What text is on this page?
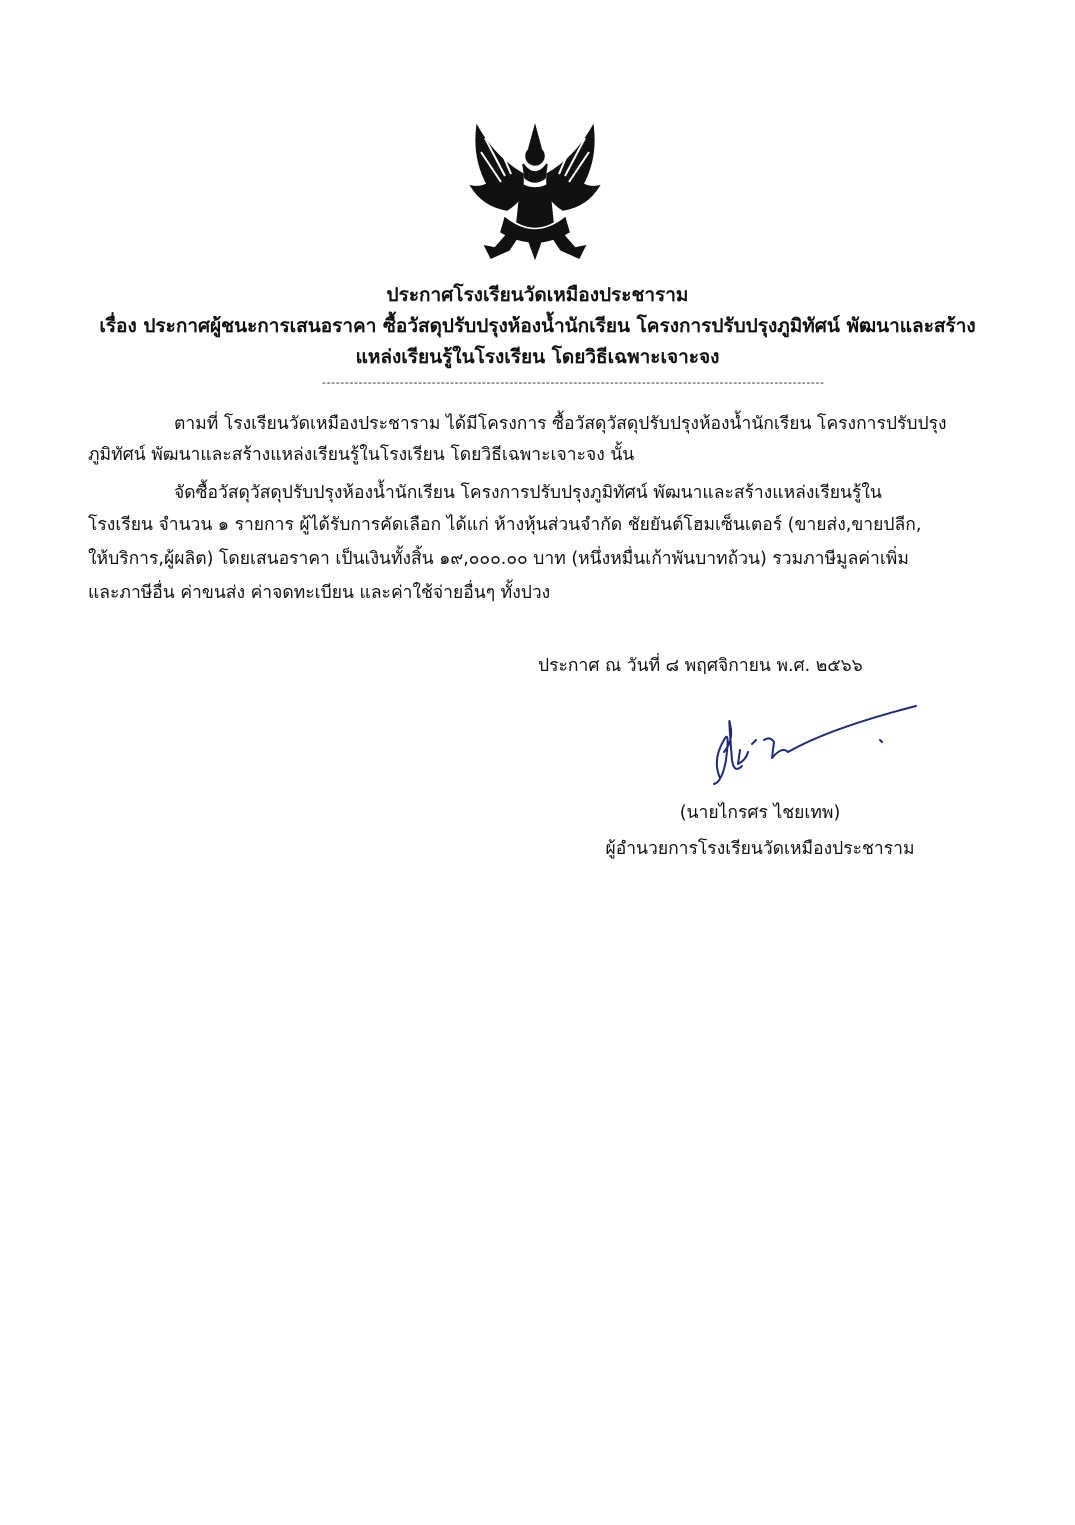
ประกาศโรงเรียนวัดเหมืองประชาราม
เรื่อง ประกาศผู้ชนะการเสนอราคา ซื้อวัสดุปรับปรุงห้องน้ำนักเรียน โครงการปรับปรุงภูมิทัศน์ พัฒนาและสร้าง
แหล่งเรียนรู้ในโรงเรียน โดยวิธีเฉพาะเจาะจง
--------------------------------------------------------------------------------------------------------------
ตามที่ โรงเรียนวัดเหมืองประชาราม ได้มีโครงการ ซื้อวัสดุวัสดุปรับปรุงห้องน้ำนักเรียน โครงการปรับปรุง
ภูมิทัศน์ พัฒนาและสร้างแหล่งเรียนรู้ในโรงเรียน โดยวิธีเฉพาะเจาะจง นั้น
จัดซื้อวัสดุวัสดุปรับปรุงห้องน้ำนักเรียน โครงการปรับปรุงภูมิทัศน์ พัฒนาและสร้างแหล่งเรียนรู้ใน
โรงเรียน จำนวน ๑ รายการ ผู้ได้รับการคัดเลือก ได้แก่ ห้างหุ้นส่วนจำกัด ชัยยันต์โฮมเซ็นเตอร์ (ขายส่ง,ขายปลีก,
ให้บริการ,ผู้ผลิต) โดยเสนอราคา เป็นเงินทั้งสิ้น ๑๙,๐๐๐.๐๐ บาท (หนึ่งหมื่นเก้าพันบาทถ้วน) รวมภาษีมูลค่าเพิ่ม
และภาษีอื่น ค่าขนส่ง ค่าจดทะเบียน และค่าใช้จ่ายอื่นๆ ทั้งปวง
ประกาศ ณ วันที่ ๘ พฤศจิกายน พ.ศ. ๒๕๖๖
(นายไกรศร ไชยเทพ)
ผู้อำนวยการโรงเรียนวัดเหมืองประชาราม
